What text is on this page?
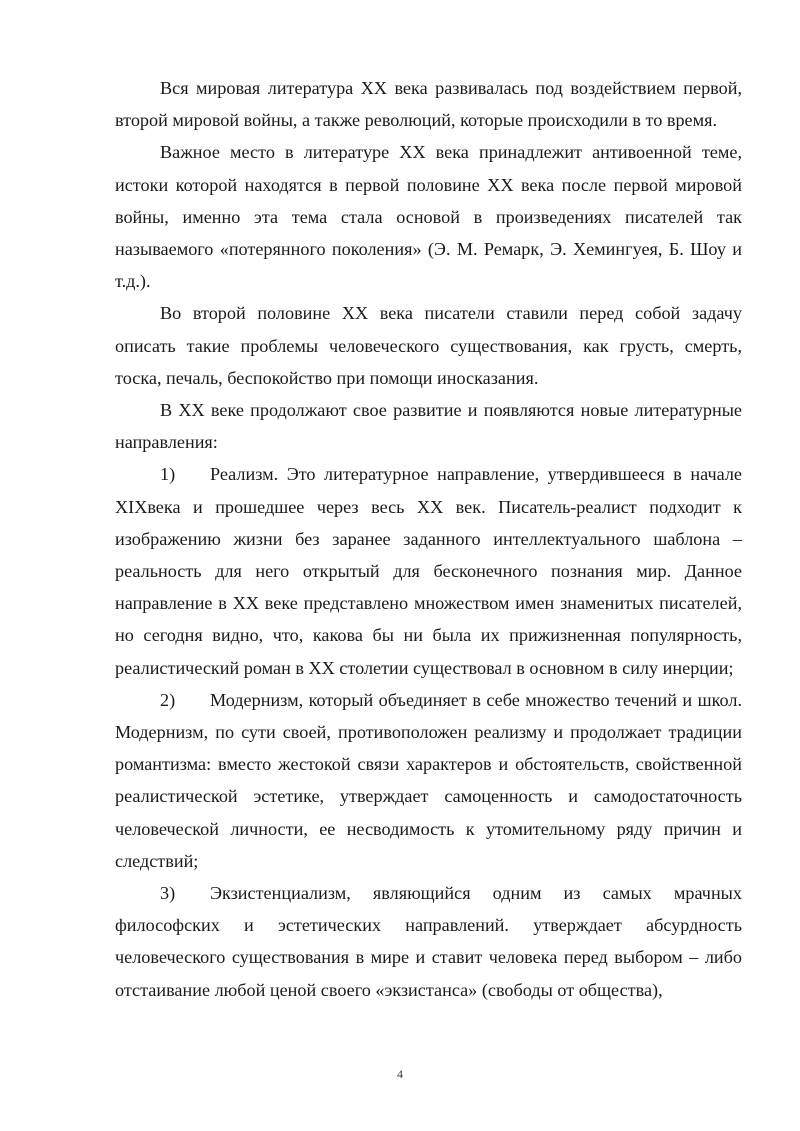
Вся мировая литература XX века развивалась под воздействием первой, второй мировой войны, а также революций, которые происходили в то время.

Важное место в литературе XX века принадлежит антивоенной теме, истоки которой находятся в первой половине XX века после первой мировой войны, именно эта тема стала основой в произведениях писателей так называемого «потерянного поколения» (Э. М. Ремарк, Э. Хемингуея, Б. Шоу и т.д.).

Во второй половине XX века писатели ставили перед собой задачу описать такие проблемы человеческого существования, как грусть, смерть, тоска, печаль, беспокойство при помощи иносказания.

В XX веке продолжают свое развитие и появляются новые литературные направления:

1) Реализм. Это литературное направление, утвердившееся в начале XIXвека и прошедшее через весь XX век. Писатель-реалист подходит к изображению жизни без заранее заданного интеллектуального шаблона – реальность для него открытый для бесконечного познания мир. Данное направление в XX веке представлено множеством имен знаменитых писателей, но сегодня видно, что, какова бы ни была их прижизненная популярность, реалистический роман в XX столетии существовал в основном в силу инерции;
2) Модернизм, который объединяет в себе множество течений и школ. Модернизм, по сути своей, противоположен реализму и продолжает традиции романтизма: вместо жестокой связи характеров и обстоятельств, свойственной реалистической эстетике, утверждает самоценность и самодостаточность человеческой личности, ее несводимость к утомительному ряду причин и следствий;
3) Экзистенциализм, являющийся одним из самых мрачных философских и эстетических направлений. утверждает абсурдность человеческого существования в мире и ставит человека перед выбором – либо отстаивание любой ценой своего «экзистанса» (свободы от общества),
4
